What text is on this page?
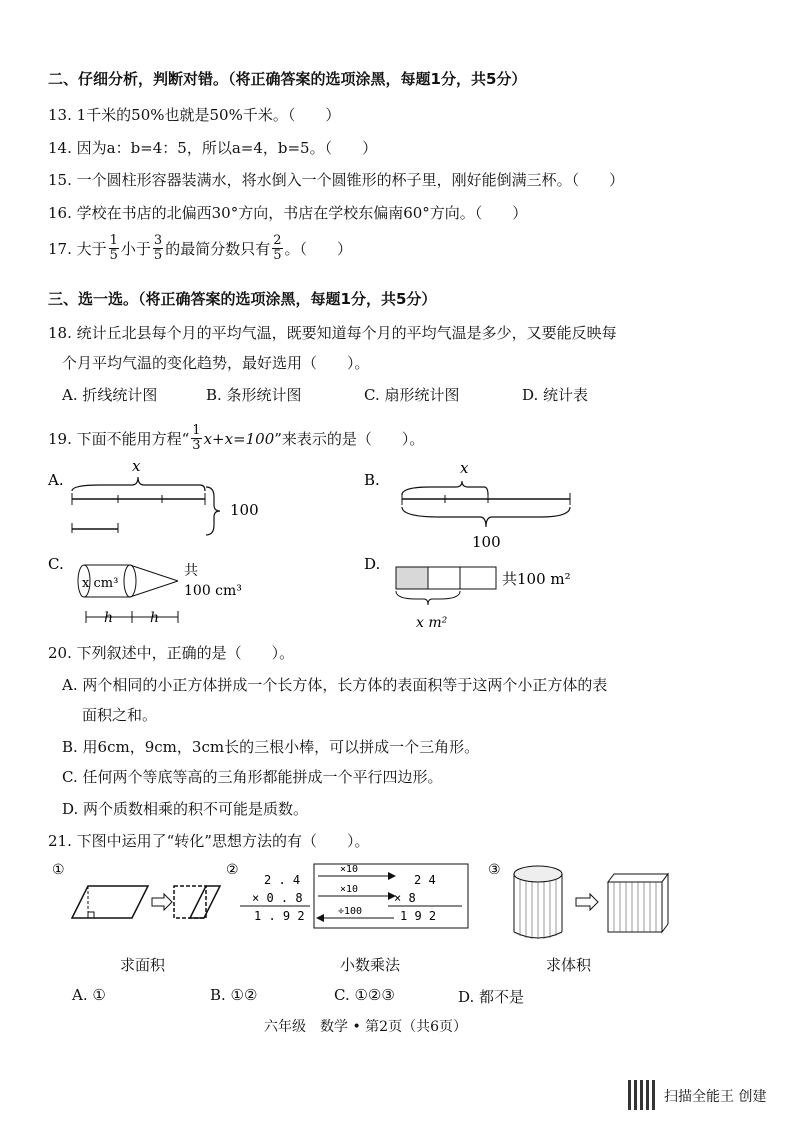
二、仔细分析，判断对错。（将正确答案的选项涂黑，每题1分，共5分）
13. 1千米的50%也就是50%千米。（　　）
14. 因为a：b=4：5，所以a=4，b=5。（　　）
15. 一个圆柱形容器装满水，将水倒入一个圆锥形的杯子里，刚好能倒满三杯。（　　）
16. 学校在书店的北偏西30°方向，书店在学校东偏南60°方向。（　　）
17. 大于 $\frac{1}{5}$ 小于 $\frac{3}{5}$ 的最简分数只有 $\frac{2}{5}$ 。（　　）
三、选一选。（将正确答案的选项涂黑，每题1分，共5分）
18. 统计丘北县每个月的平均气温，既要知道每个月的平均气温是多少，又要能反映每
个月平均气温的变化趋势，最好选用（　　）。
A. 折线统计图	B. 条形统计图	C. 扇形统计图	D. 统计表
19. 下面不能用方程“ $\frac{1}{3} x+x=100$ ”来表示的是（　　）。
A.
x
100
B.
x
100
C.
x cm³
共
100 cm³
h	h
D.
共100 m²
x m²
20. 下列叙述中，正确的是（　　）。
A. 两个相同的小正方体拼成一个长方体，长方体的表面积等于这两个小正方体的表
面积之和。
B. 用6cm，9cm，3cm长的三根小棒，可以拼成一个三角形。
C. 任何两个等底等高的三角形都能拼成一个平行四边形。
D. 两个质数相乘的积不可能是质数。
21. 下图中运用了“转化”思想方法的有（　　）。
①	②
2 . 4
× 0 . 8
1 . 9 2
×10
×10
÷100
2 4
× 8
1 9 2
③
求面积	小数乘法	求体积
A. ①	B. ①②	C. ①②③	D. 都不是
六年级　数学 • 第2页（共6页）
扫描全能王 创建
